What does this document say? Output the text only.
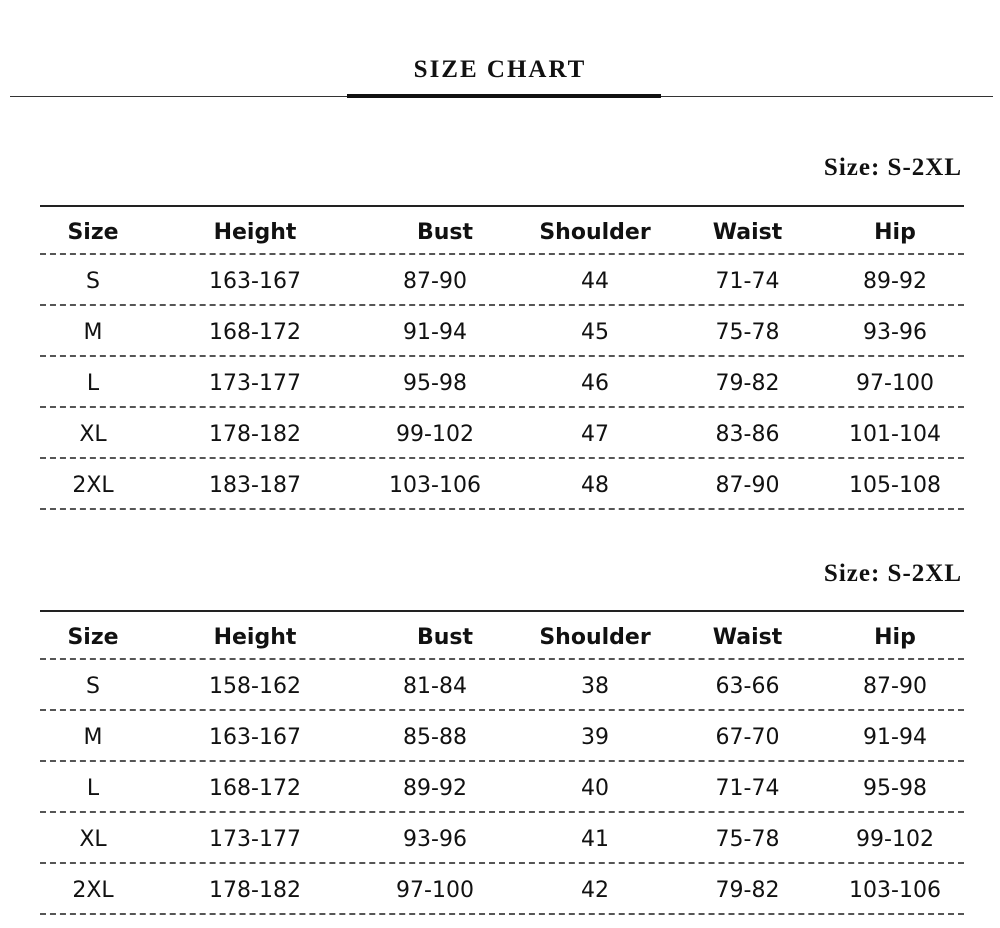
SIZE CHART
Size: S-2XL
Size	Height	Bust	Shoulder	Waist	Hip
S	163-167	87-90	44	71-74	89-92
M	168-172	91-94	45	75-78	93-96
L	173-177	95-98	46	79-82	97-100
XL	178-182	99-102	47	83-86	101-104
2XL	183-187	103-106	48	87-90	105-108
Size: S-2XL
Size	Height	Bust	Shoulder	Waist	Hip
S	158-162	81-84	38	63-66	87-90
M	163-167	85-88	39	67-70	91-94
L	168-172	89-92	40	71-74	95-98
XL	173-177	93-96	41	75-78	99-102
2XL	178-182	97-100	42	79-82	103-106
